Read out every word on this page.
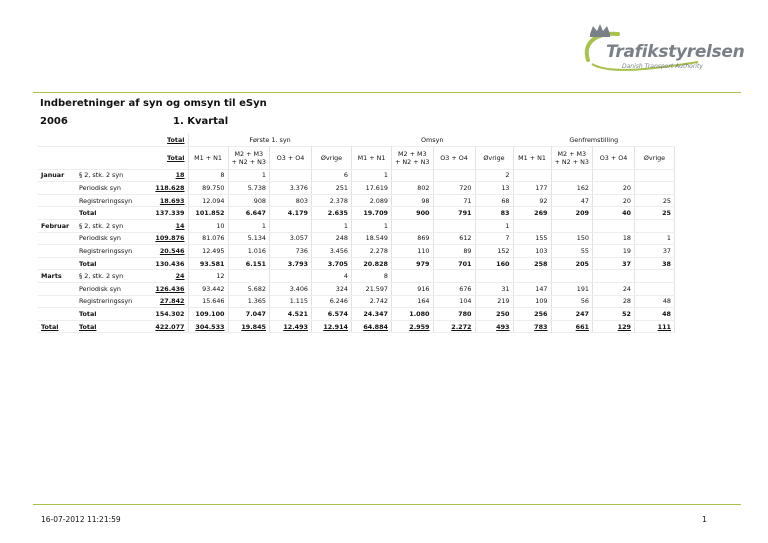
Trafikstyrelsen
Danish Transport Authority
Indberetninger af syn og omsyn til eSyn
2006	1. Kvartal
		Total	Første 1. syn				Omsyn				Genfremstilling			
		Total	M1 + N1	M2 + M3
+ N2 + N3	O3 + O4	Øvrige	M1 + N1	M2 + M3
+ N2 + N3	O3 + O4	Øvrige	M1 + N1	M2 + M3
+ N2 + N3	O3 + O4	Øvrige
Januar	§ 2, stk. 2 syn	18	8	1		6	1			2				
	Periodisk syn	118.628	89.750	5.738	3.376	251	17.619	802	720	13	177	162	20	
	Registreringssyn	18.693	12.094	908	803	2.378	2.089	98	71	68	92	47	20	25
	Total	137.339	101.852	6.647	4.179	2.635	19.709	900	791	83	269	209	40	25
Februar	§ 2, stk. 2 syn	14	10	1		1	1			1				
	Periodisk syn	109.876	81.076	5.134	3.057	248	18.549	869	612	7	155	150	18	1
	Registreringssyn	20.546	12.495	1.016	736	3.456	2.278	110	89	152	103	55	19	37
	Total	130.436	93.581	6.151	3.793	3.705	20.828	979	701	160	258	205	37	38
Marts	§ 2, stk. 2 syn	24	12			4	8							
	Periodisk syn	126.436	93.442	5.682	3.406	324	21.597	916	676	31	147	191	24	
	Registreringssyn	27.842	15.646	1.365	1.115	6.246	2.742	164	104	219	109	56	28	48
	Total	154.302	109.100	7.047	4.521	6.574	24.347	1.080	780	250	256	247	52	48
Total	Total	422.077	304.533	19.845	12.493	12.914	64.884	2.959	2.272	493	783	661	129	111
16-07-2012 11:21:59	1
